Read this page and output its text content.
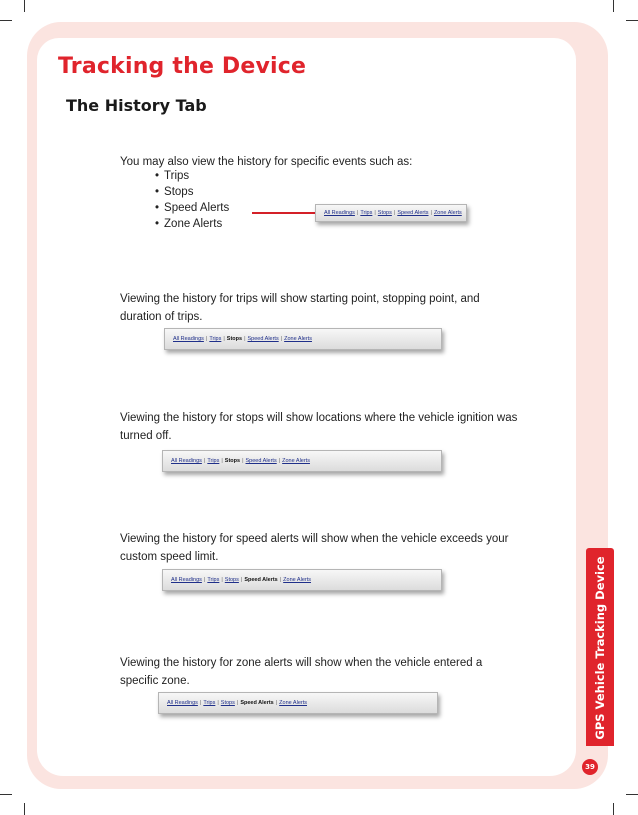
Tracking the Device
The History Tab

You may also view the history for specific events such as:

• Trips
• Stops
• Speed Alerts
• Zone Alerts
All Readings | Trips | Stops | Speed Alerts | Zone Alerts

Viewing the history for trips will show starting point, stopping point, and duration of trips.

All Readings | Trips | Stops | Speed Alerts | Zone Alerts

Viewing the history for stops will show locations where the vehicle ignition was turned off.

All Readings | Trips | Stops | Speed Alerts | Zone Alerts

Viewing the history for speed alerts will show when the vehicle exceeds your custom speed limit.

All Readings | Trips | Stops | Speed Alerts | Zone Alerts

Viewing the history for zone alerts will show when the vehicle entered a specific zone.

All Readings | Trips | Stops | Speed Alerts | Zone Alerts	GPS Vehicle Tracking Device
39
